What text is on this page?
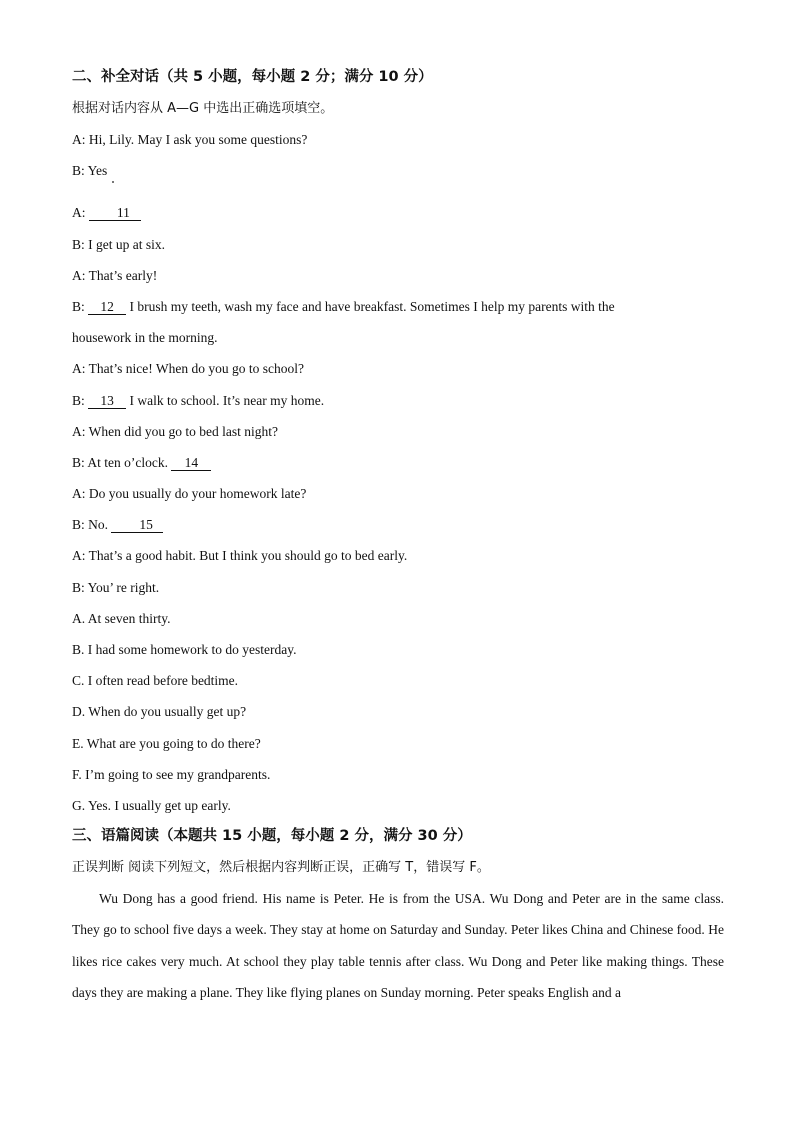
二、补全对话（共 5 小题，每小题 2 分；满分 10 分）
根据对话内容从 A—G 中选出正确选项填空。
A: Hi, Lily. May I ask you some questions?
B: Yes
A: 11
B: I get up at six.
A: That’s early!
B: 12 I brush my teeth, wash my face and have breakfast. Sometimes I help my parents with the
housework in the morning.
A: That’s nice! When do you go to school?
B: 13 I walk to school. It’s near my home.
A: When did you go to bed last night?
B: At ten o’clock. 14
A: Do you usually do your homework late?
B: No. 15
A: That’s a good habit. But I think you should go to bed early.
B: You’ re right.
A. At seven thirty.
B. I had some homework to do yesterday.
C. I often read before bedtime.
D. When do you usually get up?
E. What are you going to do there?
F. I’m going to see my grandparents.
G. Yes. I usually get up early.
三、语篇阅读（本题共 15 小题，每小题 2 分，满分 30 分）
正误判断 阅读下列短文，然后根据内容判断正误，正确写 T，错误写 F。
Wu Dong has a good friend. His name is Peter. He is from the USA. Wu Dong and Peter are in the same class. They go to school five days a week. They stay at home on Saturday and Sunday. Peter likes China and Chinese food. He likes rice cakes very much. At school they play table tennis after class. Wu Dong and Peter like making things. These days they are making a plane. They like flying planes on Sunday morning. Peter speaks English and a
